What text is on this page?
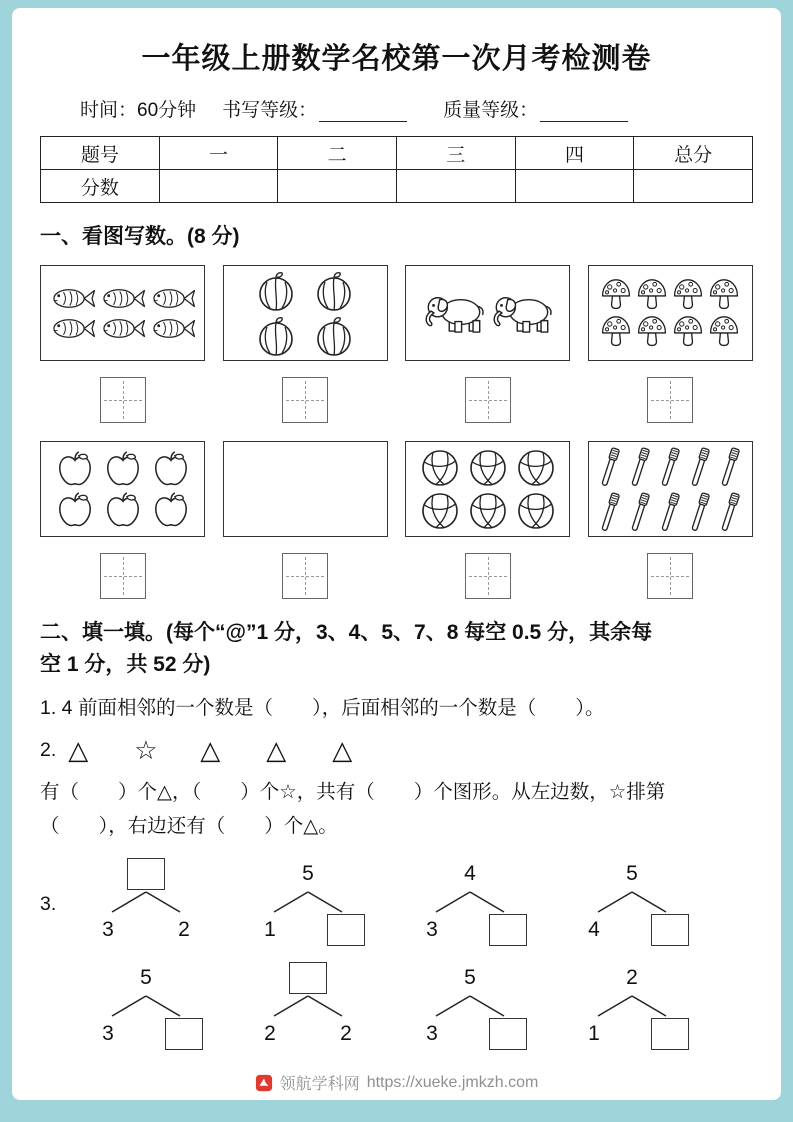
一年级上册数学名校第一次月考检测卷
时间：60分钟 书写等级：	质量等级：
题号	一	二	三	四	总分
分数					
一、看图写数。(8 分)
二、填一填。(每个“@”1 分，3、4、5、7、8 每空 0.5 分，其余每
空 1 分，共 52 分)
1. 4 前面相邻的一个数是（　　），后面相邻的一个数是（　　）。
2. △ ☆ △ △ △
有（　　）个△，（　　）个☆，共有（　　）个图形。从左边数，☆排第
（　　），右边还有（　　）个△。
3.
3	2
5
1
4
3
5
4
5
3	2	2
5
3
2
1
领航学科网 https://xueke.jmkzh.com
